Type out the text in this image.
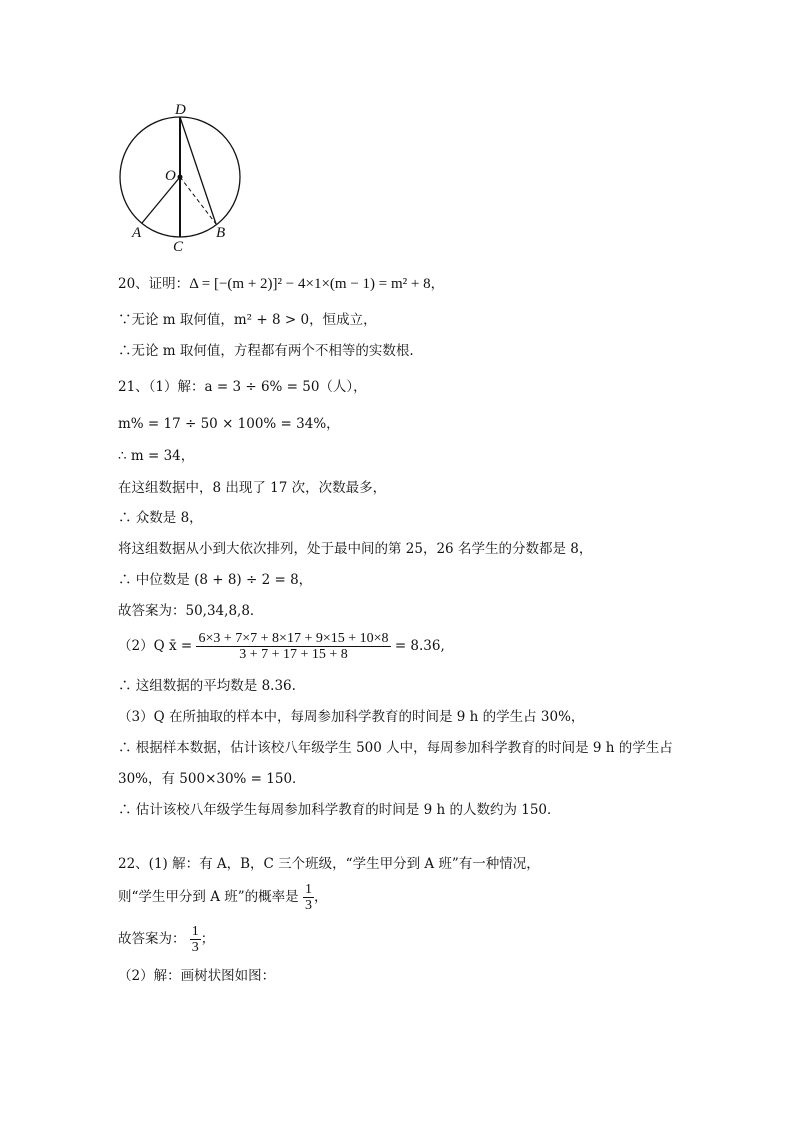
D
O
A
C
B
20、证明：Δ = [−(m + 2)]² − 4×1×(m − 1) = m² + 8，
∵无论 m 取何值，m² + 8 > 0，恒成立，
∴无论 m 取何值，方程都有两个不相等的实数根.
21、（1）解：a = 3 ÷ 6% = 50（人），
m% = 17 ÷ 50 × 100% = 34%，
∴ m = 34，
在这组数据中，8 出现了 17 次，次数最多，
∴ 众数是 8，
将这组数据从小到大依次排列，处于最中间的第 25，26 名学生的分数都是 8，
∴ 中位数是 (8 + 8) ÷ 2 = 8，
故答案为：50,34,8,8．
（2）Q x̄ = $\frac{6\times 3 + 7\times 7 + 8\times 17 + 9\times 15 + 10\times 8}{3 + 7 + 17 + 15 + 8} = 8.36$,
∴ 这组数据的平均数是 8.36.
（3）Q 在所抽取的样本中，每周参加科学教育的时间是 9 h 的学生占 30%，
∴ 根据样本数据，估计该校八年级学生 500 人中，每周参加科学教育的时间是 9 h 的学生占
30%，有 500×30% = 150．
∴ 估计该校八年级学生每周参加科学教育的时间是 9 h 的人数约为 150．
22、(1) 解：有 A，B，C 三个班级，“学生甲分到 A 班”有一种情况，
则“学生甲分到 A 班”的概率是 $\frac{1}{3}$ ，
故答案为： $\frac{1}{3}$ ；
（2）解：画树状图如图：
